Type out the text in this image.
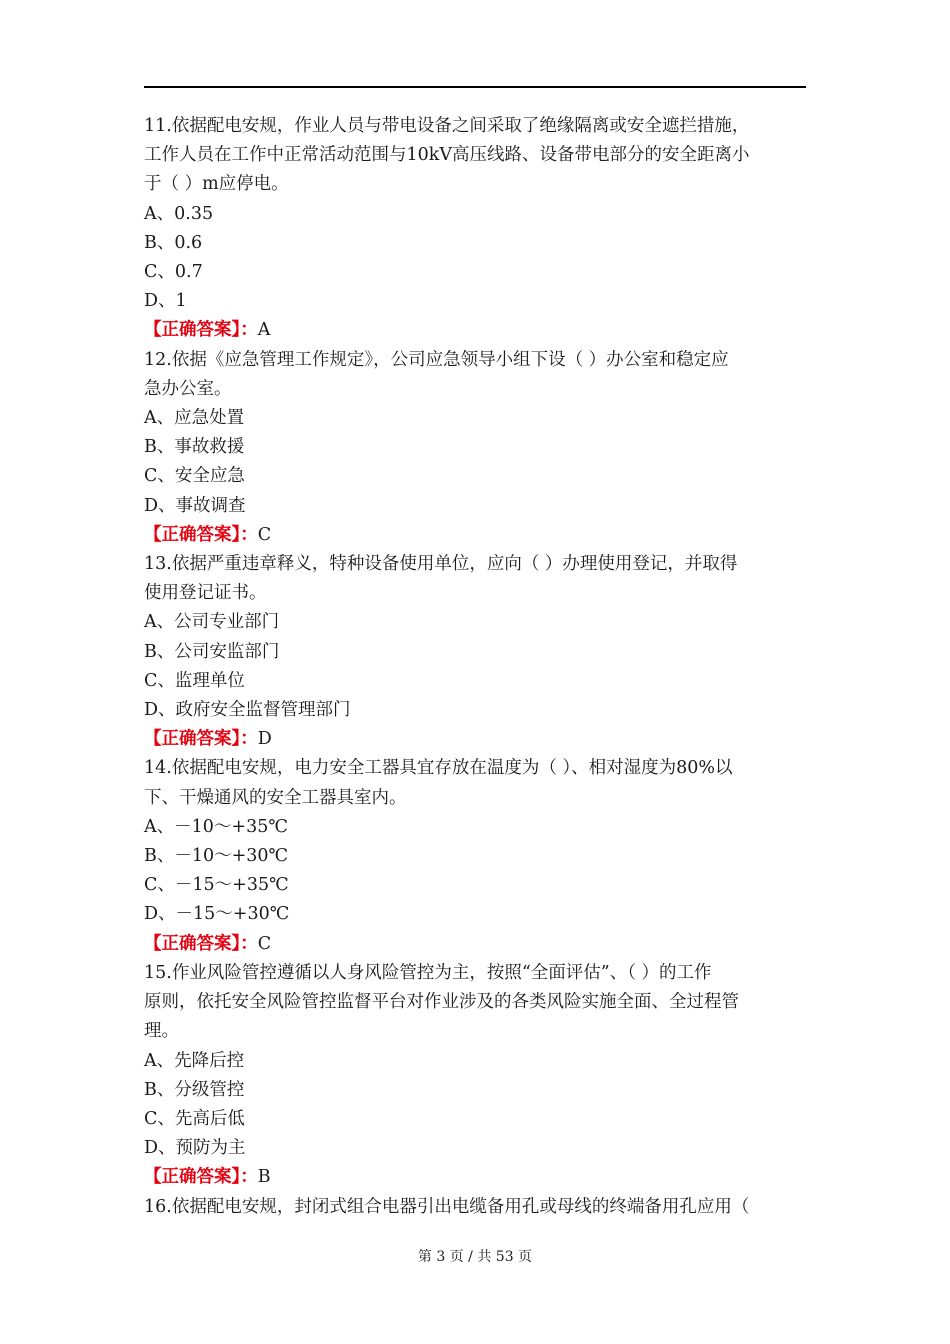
11.依据配电安规，作业人员与带电设备之间采取了绝缘隔离或安全遮拦措施，
工作人员在工作中正常活动范围与10kV高压线路、设备带电部分的安全距离小
于（ ）m应停电。
A、0.35
B、0.6
C、0.7
D、1
【正确答案】：A
12.依据《应急管理工作规定》，公司应急领导小组下设（ ）办公室和稳定应
急办公室。
A、应急处置
B、事故救援
C、安全应急
D、事故调查
【正确答案】：C
13.依据严重违章释义，特种设备使用单位，应向（ ）办理使用登记，并取得
使用登记证书。
A、公司专业部门
B、公司安监部门
C、监理单位
D、政府安全监督管理部门
【正确答案】：D
14.依据配电安规，电力安全工器具宜存放在温度为（ ）、相对湿度为80%以
下、干燥通风的安全工器具室内。
A、－10～+35℃
B、－10～+30℃
C、－15～+35℃
D、－15～+30℃
【正确答案】：C
15.作业风险管控遵循以人身风险管控为主，按照“全面评估”、（ ）的工作
原则，依托安全风险管控监督平台对作业涉及的各类风险实施全面、全过程管
理。
A、先降后控
B、分级管控
C、先高后低
D、预防为主
【正确答案】：B
16.依据配电安规，封闭式组合电器引出电缆备用孔或母线的终端备用孔应用（
第 3 页 / 共 53 页
